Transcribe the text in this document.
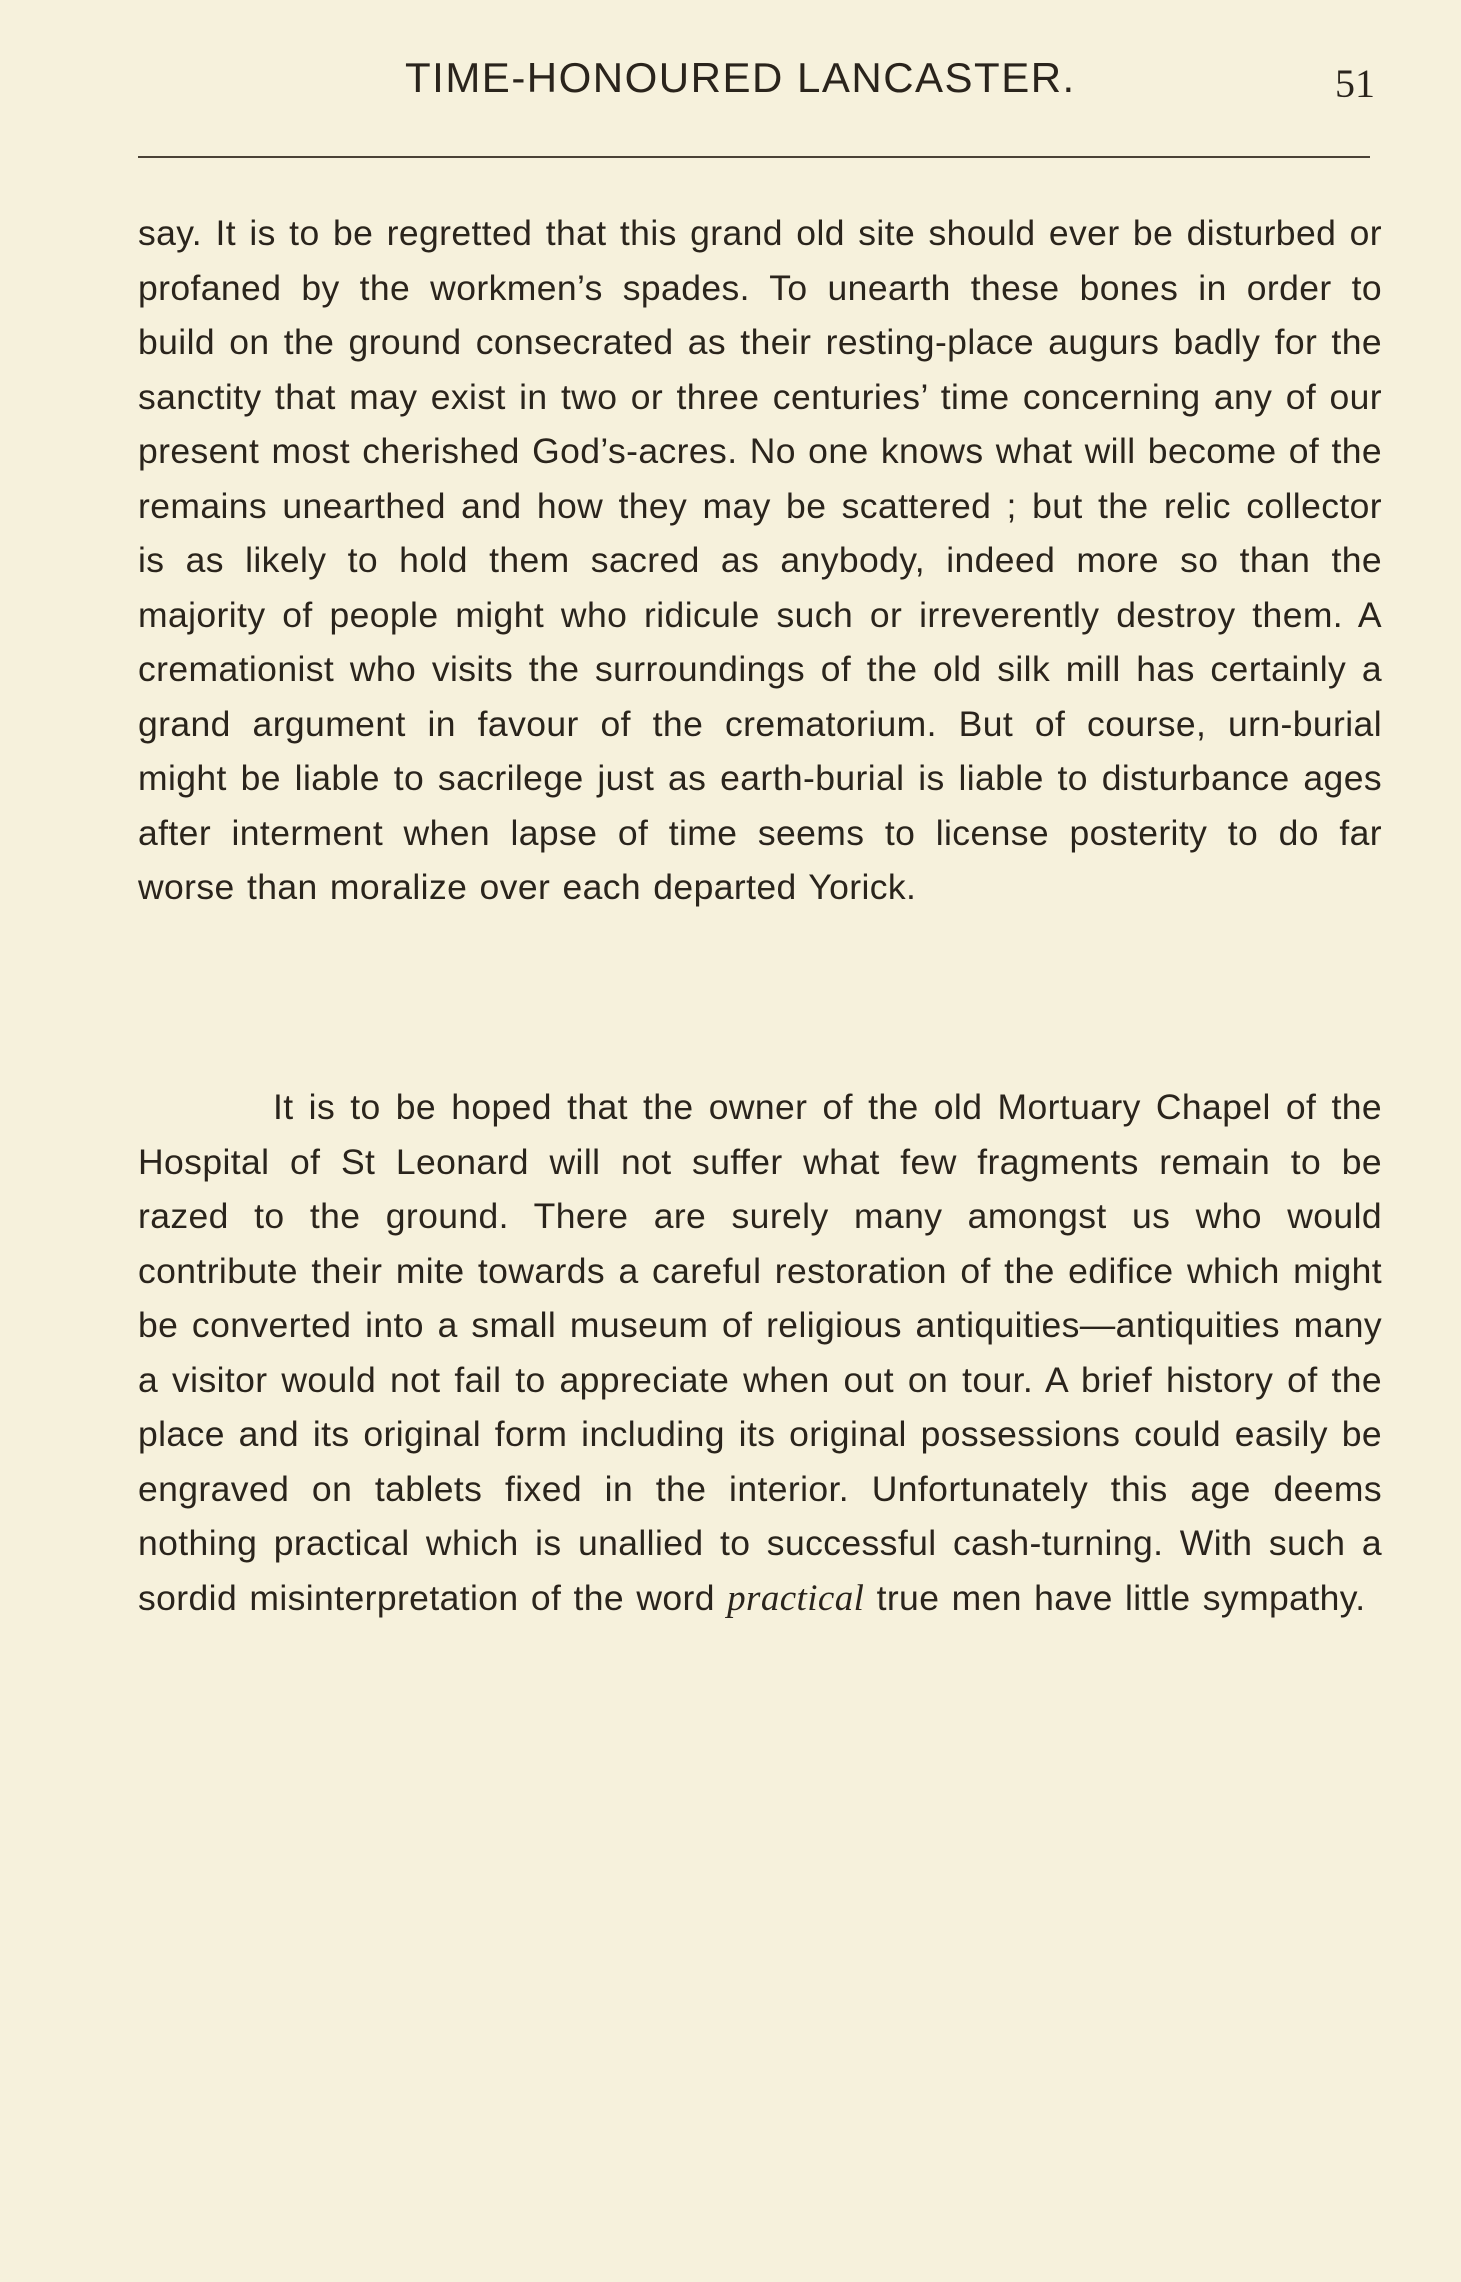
TIME-HONOURED LANCASTER.	51

say. It is to be regretted that this grand old site should ever be disturbed or profaned by the workmen’s spades. To unearth these bones in order to build on the ground consecrated as their resting-place augurs badly for the sanctity that may exist in two or three centuries’ time concerning any of our present most cherished God’s-acres. No one knows what will become of the remains unearthed and how they may be scattered ; but the relic collector is as likely to hold them sacred as anybody, indeed more so than the majority of people might who ridicule such or irreverently destroy them. A cremationist who visits the surroundings of the old silk mill has certainly a grand argument in favour of the crematorium. But of course, urn-burial might be liable to sacrilege just as earth-burial is liable to disturbance ages after interment when lapse of time seems to license posterity to do far worse than moralize over each departed Yorick.

It is to be hoped that the owner of the old Mortuary Chapel of the Hospital of St Leonard will not suffer what few fragments remain to be razed to the ground. There are surely many amongst us who would contribute their mite towards a careful restoration of the edifice which might be converted into a small museum of religious antiquities—antiquities many a visitor would not fail to appreciate when out on tour. A brief history of the place and its original form including its original possessions could easily be engraved on tablets fixed in the interior. Unfortunately this age deems nothing practical which is unallied to successful cash-turning. With such a sordid misinterpretation of the word practical true men have little sympathy.
